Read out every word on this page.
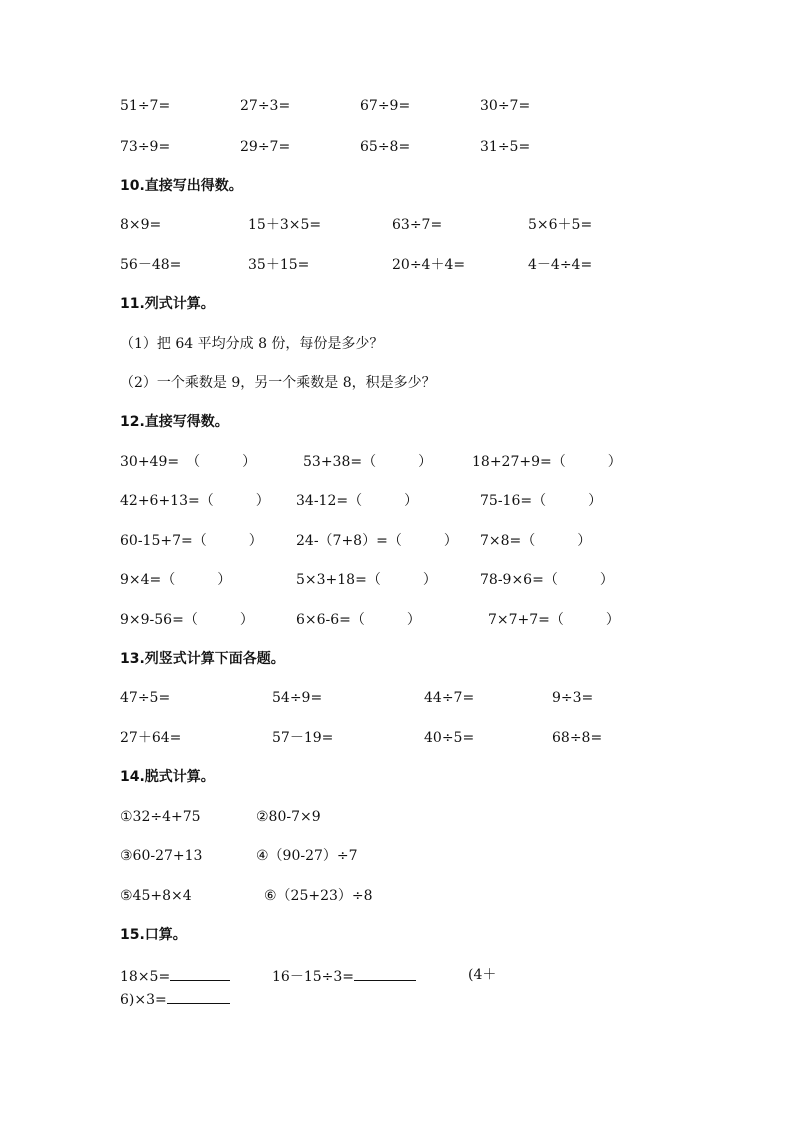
51÷7=	27÷3=	67÷9=	30÷7=
73÷9=	29÷7=	65÷8=	31÷5=
10.直接写出得数。
8×9=	15＋3×5=	63÷7=	5×6＋5=
56－48=	35＋15=	20÷4＋4=	4－4÷4=
11.列式计算。
（1）把 64 平均分成 8 份，每份是多少？
（2）一个乘数是 9，另一个乘数是 8，积是多少？
12.直接写得数。
30+49=　（　　　）	53+38=（　　　）	18+27+9=（　　　）
42+6+13=（　　　） 34-12=（　　　）	75-16=（　　　）
60-15+7=（　　　） 24-（7+8）=（　　　） 7×8=（　　　）
9×4=（　　　）	5×3+18=（　　　）	78-9×6=（　　　）
9×9-56=（　　　）	6×6-6=（　　　）	7×7+7=（　　　）
13.列竖式计算下面各题。
47÷5=	54÷9=	44÷7=	9÷3=
27＋64=	57－19=	40÷5=	68÷8=
14.脱式计算。
①32÷4+75	②80-7×9
③60-27+13	④（90-27）÷7
⑤45+8×4	⑥（25+23）÷8
15.口算。
18×5=	16－15÷3=	(4＋
6)×3=
